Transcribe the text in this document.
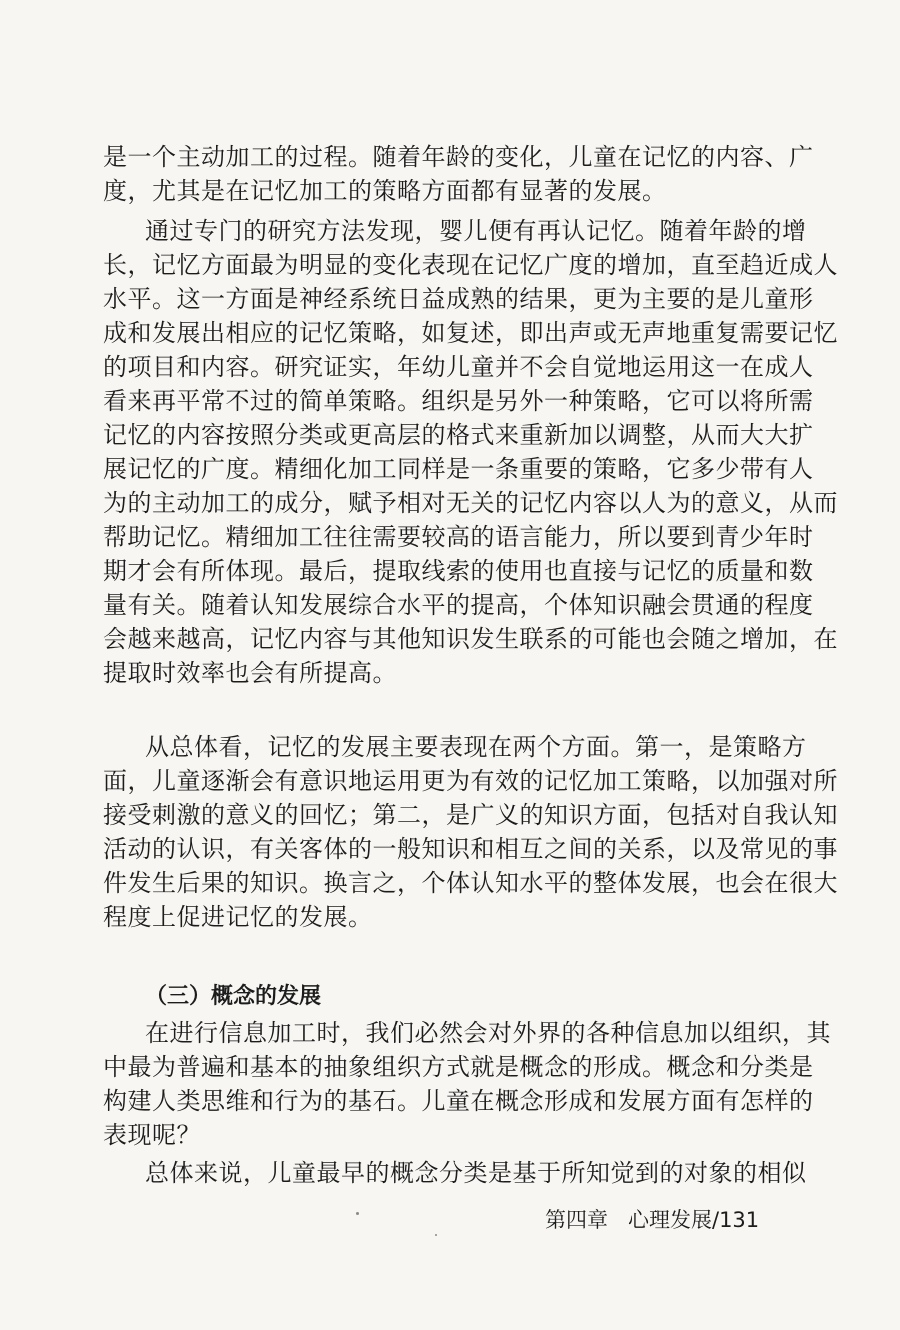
是一个主动加工的过程。随着年龄的变化，儿童在记忆的内容、广
度，尤其是在记忆加工的策略方面都有显著的发展。
通过专门的研究方法发现，婴儿便有再认记忆。随着年龄的增
长，记忆方面最为明显的变化表现在记忆广度的增加，直至趋近成人
水平。这一方面是神经系统日益成熟的结果，更为主要的是儿童形
成和发展出相应的记忆策略，如复述，即出声或无声地重复需要记忆
的项目和内容。研究证实，年幼儿童并不会自觉地运用这一在成人
看来再平常不过的简单策略。组织是另外一种策略，它可以将所需
记忆的内容按照分类或更高层的格式来重新加以调整，从而大大扩
展记忆的广度。精细化加工同样是一条重要的策略，它多少带有人
为的主动加工的成分，赋予相对无关的记忆内容以人为的意义，从而
帮助记忆。精细加工往往需要较高的语言能力，所以要到青少年时
期才会有所体现。最后，提取线索的使用也直接与记忆的质量和数
量有关。随着认知发展综合水平的提高，个体知识融会贯通的程度
会越来越高，记忆内容与其他知识发生联系的可能也会随之增加，在
提取时效率也会有所提高。
从总体看，记忆的发展主要表现在两个方面。第一，是策略方
面，儿童逐渐会有意识地运用更为有效的记忆加工策略，以加强对所
接受刺激的意义的回忆；第二，是广义的知识方面，包括对自我认知
活动的认识，有关客体的一般知识和相互之间的关系，以及常见的事
件发生后果的知识。换言之，个体认知水平的整体发展，也会在很大
程度上促进记忆的发展。
（三）概念的发展
在进行信息加工时，我们必然会对外界的各种信息加以组织，其
中最为普遍和基本的抽象组织方式就是概念的形成。概念和分类是
构建人类思维和行为的基石。儿童在概念形成和发展方面有怎样的
表现呢？
总体来说，儿童最早的概念分类是基于所知觉到的对象的相似
第四章 心理发展/131
